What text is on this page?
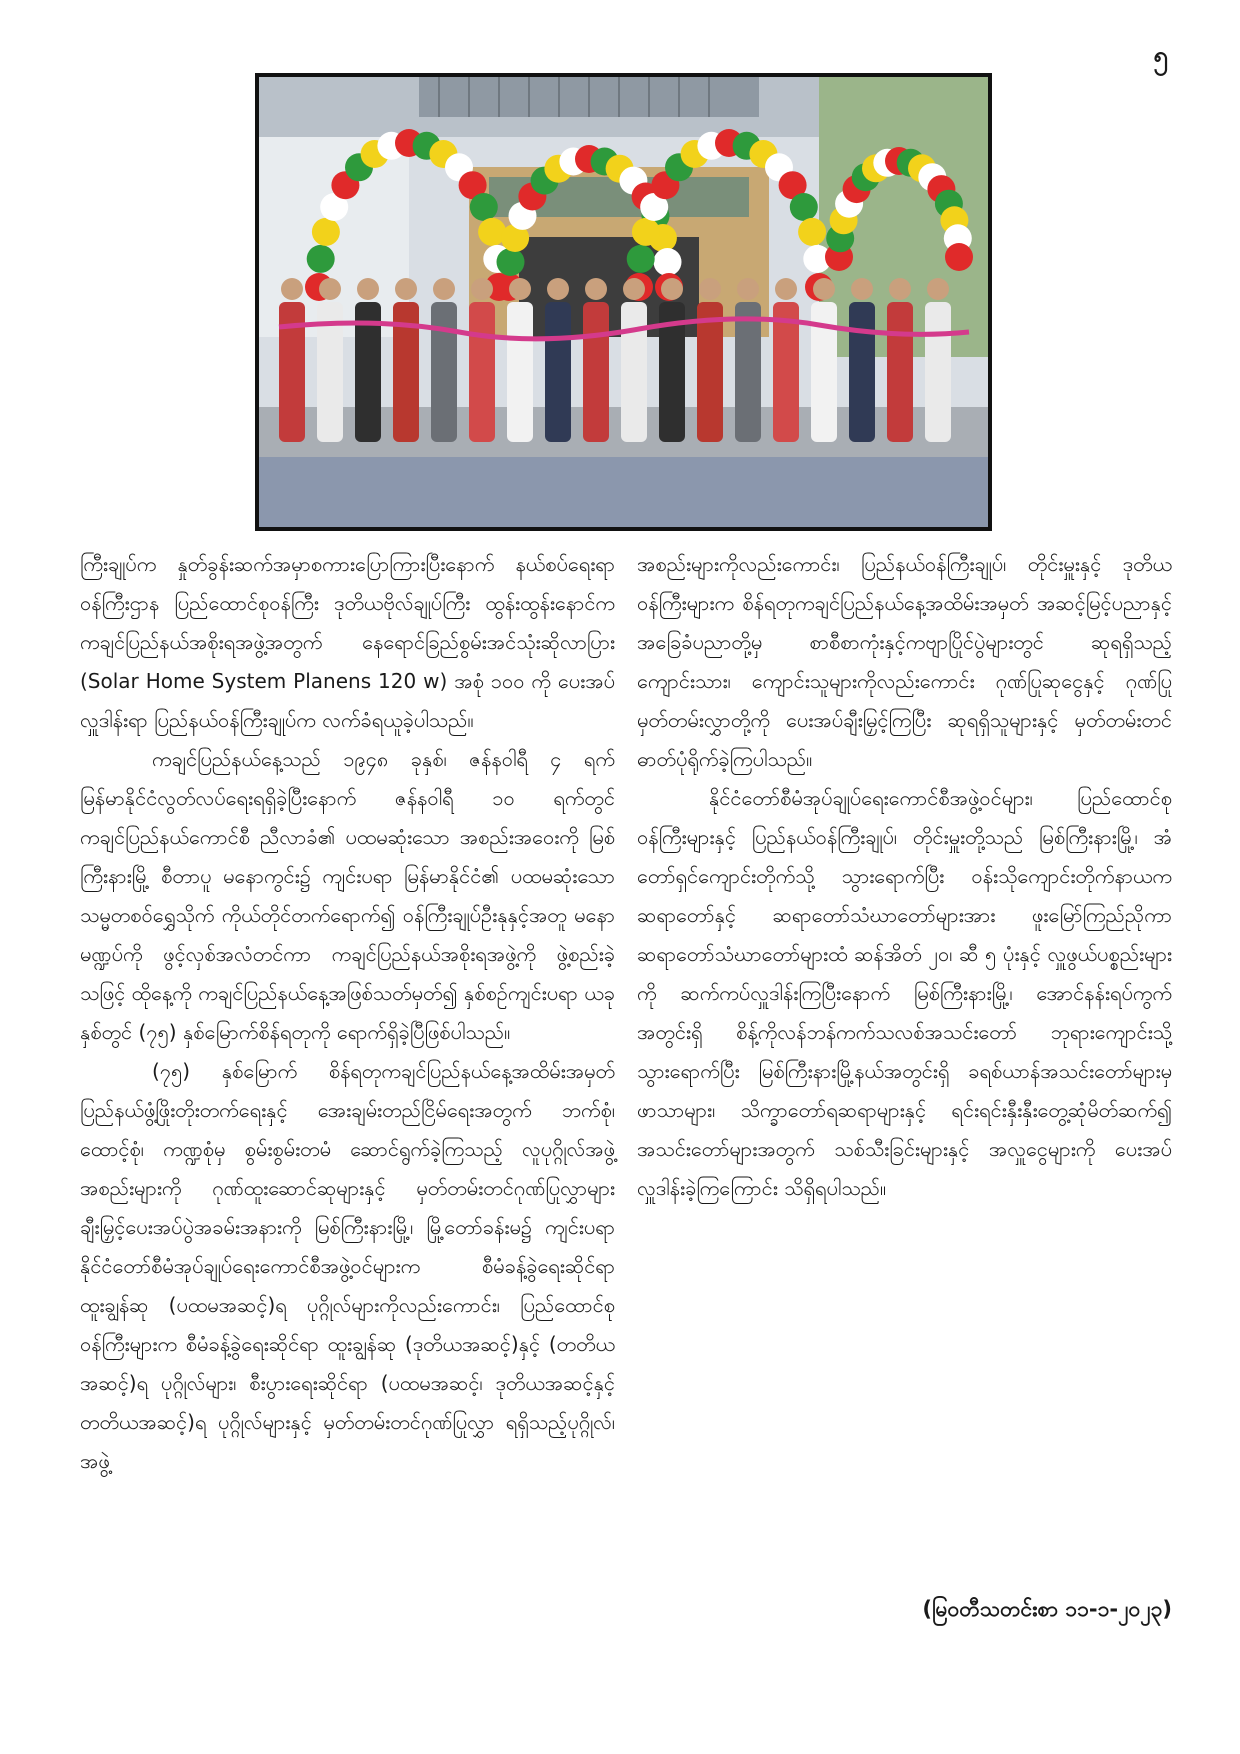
၅

ကြီးချုပ်က နှုတ်ခွန်းဆက်အမှာစကားပြောကြားပြီးနောက် နယ်စပ်ရေးရာဝန်ကြီးဌာန ပြည်ထောင်စုဝန်ကြီး ဒုတိယဗိုလ်ချုပ်ကြီး ထွန်းထွန်းနောင်က ကချင်ပြည်နယ်အစိုးရအဖွဲ့အတွက် နေရောင်ခြည်စွမ်းအင်သုံးဆိုလာပြား (Solar Home System Planens 120 w) အစုံ ၁၀၀ ကို ပေးအပ်လှူဒါန်းရာ ပြည်နယ်ဝန်ကြီးချုပ်က လက်ခံရယူခဲ့ပါသည်။

ကချင်ပြည်နယ်နေ့သည် ၁၉၄၈ ခုနှစ်၊ ဇန်နဝါရီ ၄ ရက် မြန်မာနိုင်ငံလွတ်လပ်ရေးရရှိခဲ့ပြီးနောက် ဇန်နဝါရီ ၁၀ ရက်တွင် ကချင်ပြည်နယ်ကောင်စီ ညီလာခံ၏ ပထမဆုံးသော အစည်းအဝေးကို မြစ်ကြီးနားမြို့ စီတာပူ မနောကွင်း၌ ကျင်းပရာ မြန်မာနိုင်ငံ၏ ပထမဆုံးသော သမ္မတစဝ်ရွှေသိုက် ကိုယ်တိုင်တက်ရောက်၍ ဝန်ကြီးချုပ်ဦးနုနှင့်အတူ မနောမဏ္ဍပ်ကို ဖွင့်လှစ်အလံတင်ကာ ကချင်ပြည်နယ်အစိုးရအဖွဲ့ကို ဖွဲ့စည်းခဲ့သဖြင့် ထိုနေ့ကို ကချင်ပြည်နယ်နေ့အဖြစ်သတ်မှတ်၍ နှစ်စဉ်ကျင်းပရာ ယခုနှစ်တွင် (၇၅) နှစ်မြောက်စိန်ရတုကို ရောက်ရှိခဲ့ပြီဖြစ်ပါသည်။

(၇၅) နှစ်မြောက် စိန်ရတုကချင်ပြည်နယ်နေ့အထိမ်းအမှတ် ပြည်နယ်ဖွံ့ဖြိုးတိုးတက်ရေးနှင့် အေးချမ်းတည်ငြိမ်ရေးအတွက် ဘက်စုံ၊ ထောင့်စုံ၊ ကဏ္ဍစုံမှ စွမ်းစွမ်းတမံ ဆောင်ရွက်ခဲ့ကြသည့် လူပုဂ္ဂိုလ်အဖွဲ့အစည်းများကို ဂုဏ်ထူးဆောင်ဆုများနှင့် မှတ်တမ်းတင်ဂုဏ်ပြုလွှာများ ချီးမြှင့်ပေးအပ်ပွဲအခမ်းအနားကို မြစ်ကြီးနားမြို့၊ မြို့တော်ခန်းမ၌ ကျင်းပရာ နိုင်ငံတော်စီမံအုပ်ချုပ်ရေးကောင်စီအဖွဲ့ဝင်များက စီမံခန့်ခွဲရေးဆိုင်ရာ ထူးချွန်ဆု (ပထမအဆင့်)ရ ပုဂ္ဂိုလ်များကိုလည်းကောင်း၊ ပြည်ထောင်စုဝန်ကြီးများက စီမံခန့်ခွဲရေးဆိုင်ရာ ထူးချွန်ဆု (ဒုတိယအဆင့်)နှင့် (တတိယအဆင့်)ရ ပုဂ္ဂိုလ်များ၊ စီးပွားရေးဆိုင်ရာ (ပထမအဆင့်၊ ဒုတိယအဆင့်နှင့် တတိယအဆင့်)ရ ပုဂ္ဂိုလ်များနှင့် မှတ်တမ်းတင်ဂုဏ်ပြုလွှာ ရရှိသည့်ပုဂ္ဂိုလ်၊ အဖွဲ့

အစည်းများကိုလည်းကောင်း၊ ပြည်နယ်ဝန်ကြီးချုပ်၊ တိုင်းမှူးနှင့် ဒုတိယဝန်ကြီးများက စိန်ရတုကချင်ပြည်နယ်နေ့အထိမ်းအမှတ် အဆင့်မြင့်ပညာနှင့် အခြေခံပညာတို့မှ စာစီစာကုံးနှင့်ကဗျာပြိုင်ပွဲများတွင် ဆုရရှိသည့် ကျောင်းသား၊ ကျောင်းသူများကိုလည်းကောင်း ဂုဏ်ပြုဆုငွေနှင့် ဂုဏ်ပြုမှတ်တမ်းလွှာတို့ကို ပေးအပ်ချီးမြှင့်ကြပြီး ဆုရရှိသူများနှင့် မှတ်တမ်းတင်ဓာတ်ပုံရိုက်ခဲ့ကြပါသည်။

နိုင်ငံတော်စီမံအုပ်ချုပ်ရေးကောင်စီအဖွဲ့ဝင်များ၊ ပြည်ထောင်စုဝန်ကြီးများနှင့် ပြည်နယ်ဝန်ကြီးချုပ်၊ တိုင်းမှူးတို့သည် မြစ်ကြီးနားမြို့၊ အံတော်ရှင်ကျောင်းတိုက်သို့ သွားရောက်ပြီး ဝန်းသိုကျောင်းတိုက်နာယကဆရာတော်နှင့် ဆရာတော်သံဃာတော်များအား ဖူးမြော်ကြည်ညိုကာ ဆရာတော်သံဃာတော်များထံ ဆန်အိတ် ၂၀၊ ဆီ ၅ ပုံးနှင့် လှူဖွယ်ပစ္စည်းများကို ဆက်ကပ်လှူဒါန်းကြပြီးနောက် မြစ်ကြီးနားမြို့၊ အောင်နန်းရပ်ကွက်အတွင်းရှိ စိန့်ကိုလန်ဘန်ကက်သလစ်အသင်းတော် ဘုရားကျောင်းသို့ သွားရောက်ပြီး မြစ်ကြီးနားမြို့နယ်အတွင်းရှိ ခရစ်ယာန်အသင်းတော်များမှ ဖာသာများ၊ သိက္ခာတော်ရဆရာများနှင့် ရင်းရင်းနှီးနှီးတွေ့ဆုံမိတ်ဆက်၍ အသင်းတော်များအတွက် သစ်သီးခြင်းများနှင့် အလှူငွေများကို ပေးအပ်လှူဒါန်းခဲ့ကြကြောင်း သိရှိရပါသည်။

(မြဝတီသတင်းစာ ၁၁-၁-၂၀၂၃)
